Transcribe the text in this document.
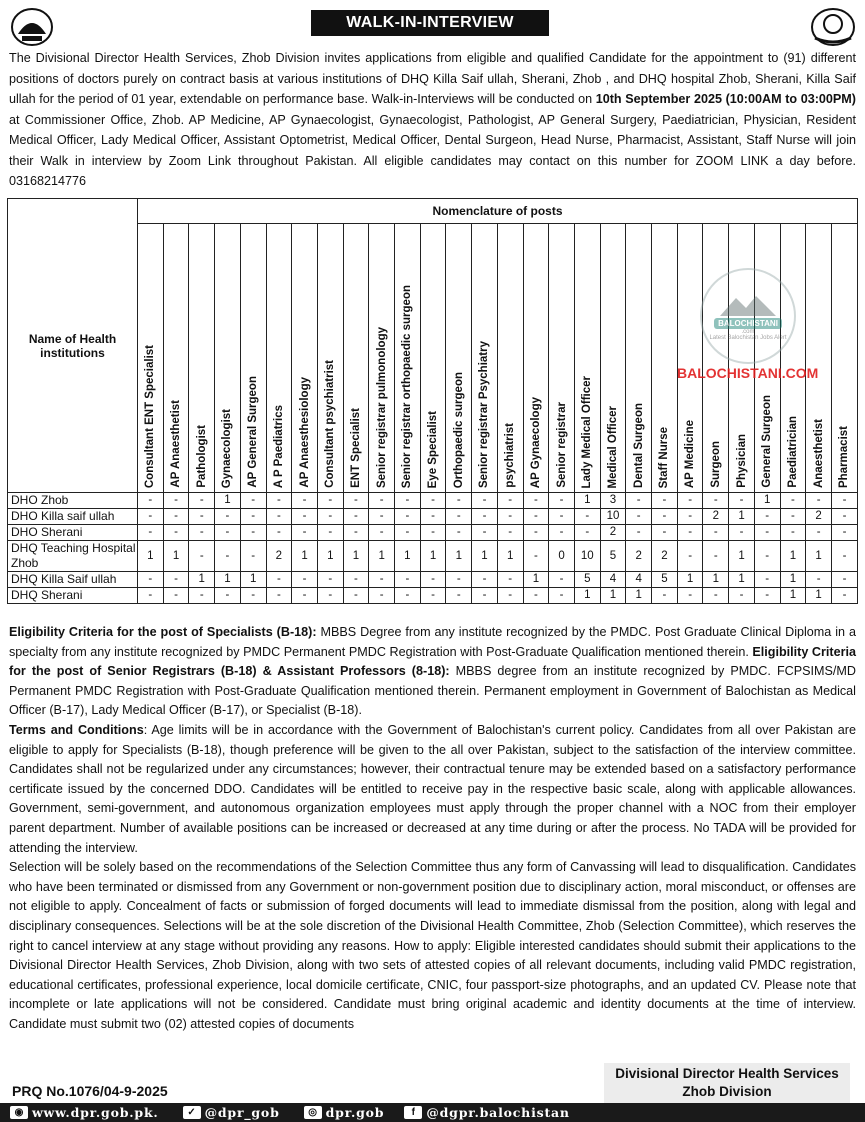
WALK-IN-INTERVIEW
The Divisional Director Health Services, Zhob Division invites applications from eligible and qualified Candidate for the appointment to (91) different positions of doctors purely on contract basis at various institutions of DHQ Killa Saif ullah, Sherani, Zhob , and DHQ hospital Zhob, Sherani, Killa Saif ullah for the period of 01 year, extendable on performance base. Walk-in-Interviews will be conducted on 10th September 2025 (10:00AM to 03:00PM) at Commissioner Office, Zhob. AP Medicine, AP Gynaecologist, Gynaecologist, Pathologist, AP General Surgery, Paediatrician, Physician, Resident Medical Officer, Lady Medical Officer, Assistant Optometrist, Medical Officer, Dental Surgeon, Head Nurse, Pharmacist, Assistant, Staff Nurse will join their Walk in interview by Zoom Link throughout Pakistan. All eligible candidates may contact on this number for ZOOM LINK a day before. 03168214776
Name of Health institutions	Nomenclature of posts																											

	Consultant ENT Specialist	AP Anaesthetist	Pathologist	Gynaecologist	AP General Surgeon	A P Paediatrics	AP Anaesthesiology	Consultant psychiatrist	ENT Specialist	Senior registrar pulmonology	Senior registrar orthopaedic surgeon	Eye Specialist	Orthopaedic surgeon	Senior registrar Psychiatry	psychiatrist	AP Gynaecology	Senior registrar	Lady Medical Officer	Medical Officer	Dental Surgeon	Staff Nurse	AP Medicine	Surgeon	Physician	General Surgeon	Paediatrician	Anaesthetist	Pharmacist

DHO Zhob	-	-	-	1	-	-	-	-	-	-	-	-	-	-	-	-	-	1	3	-	-	-	-	-	1	-	-	-
DHO Killa saif ullah	-	-	-	-	-	-	-	-	-	-	-	-	-	-	-	-	-	-	10	-	-	-	2	1	-	-	2	-
DHO Sherani	-	-	-	-	-	-	-	-	-	-	-	-	-	-	-	-	-	-	2	-	-	-	-	-	-	-	-	-
DHQ Teaching Hospital Zhob	1	1	-	-	-	2	1	1	1	1	1	1	1	1	1	-	0	10	5	2	2	-	-	1	-	1	1	-
DHQ Killa Saif ullah	-	-	1	1	1	-	-	-	-	-	-	-	-	-	-	1	-	5	4	4	5	1	1	1	-	1	-	-
DHQ Sherani	-	-	-	-	-	-	-	-	-	-	-	-	-	-	-	-	-	1	1	1	-	-	-	-	-	1	1	-
BALOCHISTANI
.com
Latest Balochistan Jobs Alert
BALOCHISTANI.COM

Eligibility Criteria for the post of Specialists (B-18): MBBS Degree from any institute recognized by the PMDC. Post Graduate Clinical Diploma in a specialty from any institute recognized by PMDC Permanent PMDC Registration with Post-Graduate Qualification mentioned therein. Eligibility Criteria for the post of Senior Registrars (B-18) & Assistant Professors (8-18): MBBS degree from an institute recognized by PMDC. FCPSIMS/MD Permanent PMDC Registration with Post-Graduate Qualification mentioned therein. Permanent employment in Government of Balochistan as Medical Officer (B-17), Lady Medical Officer (B-17), or Specialist (B-18).

Terms and Conditions: Age limits will be in accordance with the Government of Balochistan's current policy. Candidates from all over Pakistan are eligible to apply for Specialists (B-18), though preference will be given to the all over Pakistan, subject to the satisfaction of the interview committee. Candidates shall not be regularized under any circumstances; however, their contractual tenure may be extended based on a satisfactory performance certificate issued by the concerned DDO. Candidates will be entitled to receive pay in the respective basic scale, along with applicable allowances. Government, semi-government, and autonomous organization employees must apply through the proper channel with a NOC from their employer parent department. Number of available positions can be increased or decreased at any time during or after the process. No TADA will be provided for attending the interview.

Selection will be solely based on the recommendations of the Selection Committee thus any form of Canvassing will lead to disqualification. Candidates who have been terminated or dismissed from any Government or non-government position due to disciplinary action, moral misconduct, or offenses are not eligible to apply. Concealment of facts or submission of forged documents will lead to immediate dismissal from the position, along with legal and disciplinary consequences. Selections will be at the sole discretion of the Divisional Health Committee, Zhob (Selection Committee), which reserves the right to cancel interview at any stage without providing any reasons. How to apply: Eligible interested candidates should submit their applications to the Divisional Director Health Services, Zhob Division, along with two sets of attested copies of all relevant documents, including valid PMDC registration, educational certificates, professional experience, local domicile certificate, CNIC, four passport-size photographs, and an updated CV. Please note that incomplete or late applications will not be considered. Candidate must bring original academic and identity documents at the time of interview. Candidate must submit two (02) attested copies of documents

PRQ No.1076/04-9-2025
Divisional Director Health Services
Zhob Division
◉ www.dpr.gob.pk.	✓ @dpr_gob	◎ dpr.gob	f @dgpr.balochistan
